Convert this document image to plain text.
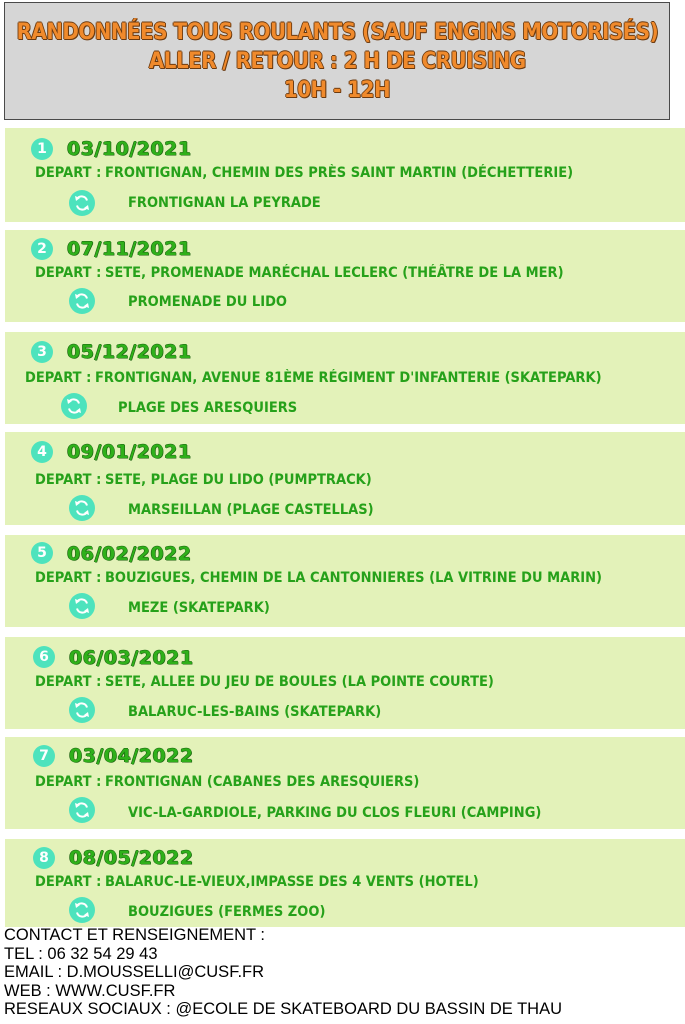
RANDONNÉES TOUS ROULANTS (SAUF ENGINS MOTORISÉS)
ALLER / RETOUR : 2 H DE CRUISING
10H - 12H
1	03/10/2021
DEPART : FRONTIGNAN, CHEMIN DES PRÈS SAINT MARTIN (DÉCHETTERIE)
FRONTIGNAN LA PEYRADE
2	07/11/2021
DEPART : SETE, PROMENADE MARÉCHAL LECLERC (THÉÂTRE DE LA MER)
PROMENADE DU LIDO
3	05/12/2021
DEPART : FRONTIGNAN, AVENUE 81ÈME RÉGIMENT D'INFANTERIE (SKATEPARK)
PLAGE DES ARESQUIERS
4	09/01/2021
DEPART : SETE, PLAGE DU LIDO (PUMPTRACK)
MARSEILLAN (PLAGE CASTELLAS)
5	06/02/2022
DEPART : BOUZIGUES, CHEMIN DE LA CANTONNIERES (LA VITRINE DU MARIN)
MEZE (SKATEPARK)
6	06/03/2021
DEPART : SETE, ALLEE DU JEU DE BOULES (LA POINTE COURTE)
BALARUC-LES-BAINS (SKATEPARK)
7	03/04/2022
DEPART : FRONTIGNAN (CABANES DES ARESQUIERS)
VIC-LA-GARDIOLE, PARKING DU CLOS FLEURI (CAMPING)
8	08/05/2022
DEPART : BALARUC-LE-VIEUX,IMPASSE DES 4 VENTS (HOTEL)
BOUZIGUES (FERMES ZOO)
CONTACT ET RENSEIGNEMENT :
TEL : 06 32 54 29 43
EMAIL : D.MOUSSELLI@CUSF.FR
WEB : WWW.CUSF.FR
RESEAUX SOCIAUX : @ECOLE DE SKATEBOARD DU BASSIN DE THAU
